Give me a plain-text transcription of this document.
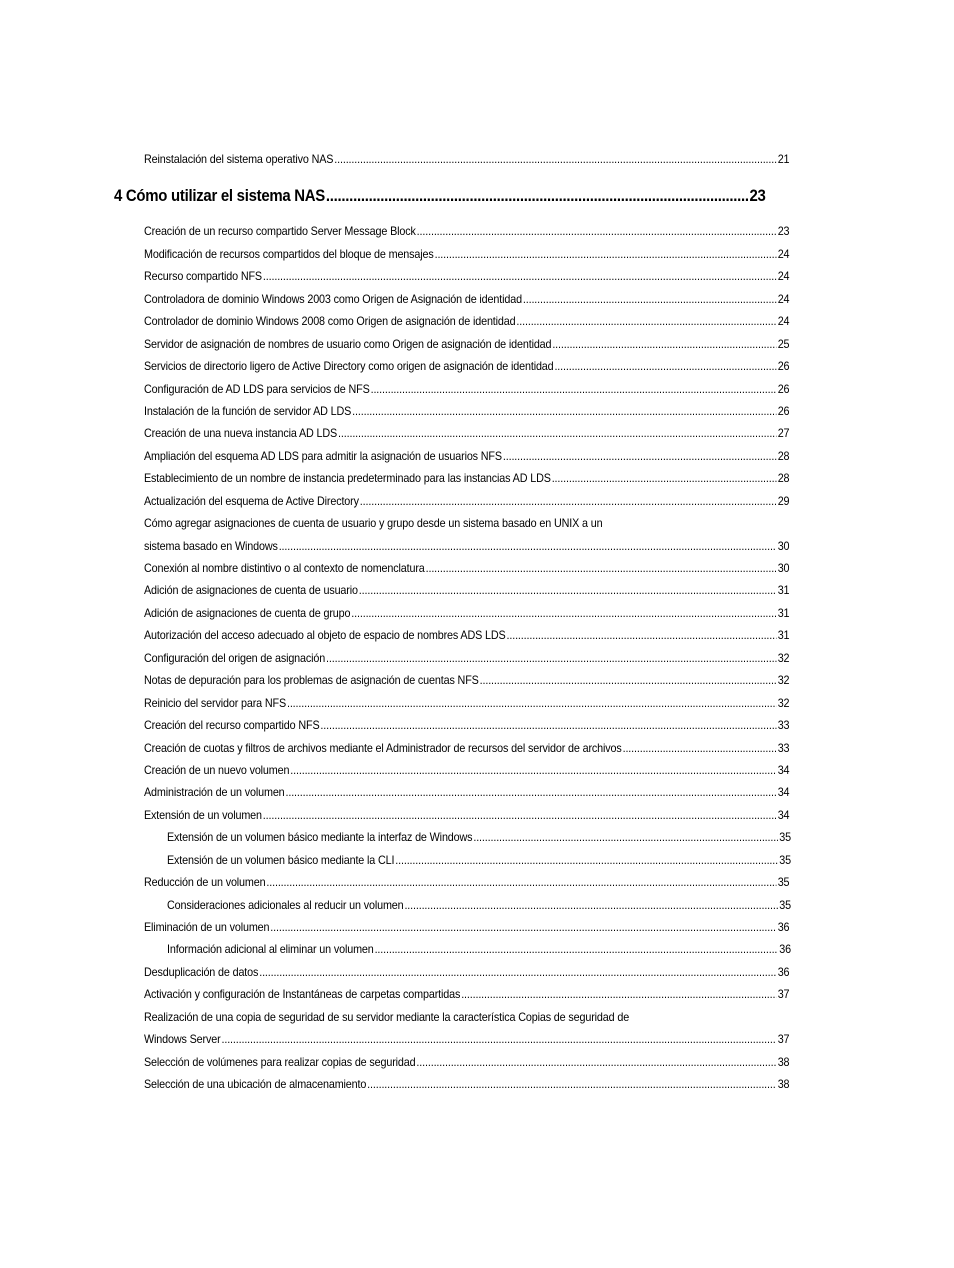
Reinstalación del sistema operativo NAS .....	21
4 Cómo utilizar el sistema NAS .....	23
Creación de un recurso compartido Server Message Block .....	23
Modificación de recursos compartidos del bloque de mensajes .....	24
Recurso compartido NFS .....	24
Controladora de dominio Windows 2003 como Origen de Asignación de identidad .....	24
Controlador de dominio Windows 2008 como Origen de asignación de identidad .....	24
Servidor de asignación de nombres de usuario como Origen de asignación de identidad .....	25
Servicios de directorio ligero de Active Directory como origen de asignación de identidad .....	26
Configuración de AD LDS para servicios de NFS .....	26
Instalación de la función de servidor AD LDS .....	26
Creación de una nueva instancia AD LDS .....	27
Ampliación del esquema AD LDS para admitir la asignación de usuarios NFS .....	28
Establecimiento de un nombre de instancia predeterminado para las instancias AD LDS .....	28
Actualización del esquema de Active Directory .....	29
Cómo agregar asignaciones de cuenta de usuario y grupo desde un sistema basado en UNIX a un
sistema basado en Windows .....	30
Conexión al nombre distintivo o al contexto de nomenclatura .....	30
Adición de asignaciones de cuenta de usuario .....	31
Adición de asignaciones de cuenta de grupo .....	31
Autorización del acceso adecuado al objeto de espacio de nombres ADS LDS .....	31
Configuración del origen de asignación .....	32
Notas de depuración para los problemas de asignación de cuentas NFS .....	32
Reinicio del servidor para NFS .....	32
Creación del recurso compartido NFS .....	33
Creación de cuotas y filtros de archivos mediante el Administrador de recursos del servidor de archivos .....	33
Creación de un nuevo volumen .....	34
Administración de un volumen .....	34
Extensión de un volumen .....	34
Extensión de un volumen básico mediante la interfaz de Windows .....	35
Extensión de un volumen básico mediante la CLI .....	35
Reducción de un volumen .....	35
Consideraciones adicionales al reducir un volumen .....	35
Eliminación de un volumen .....	36
Información adicional al eliminar un volumen .....	36
Desduplicación de datos .....	36
Activación y configuración de Instantáneas de carpetas compartidas .....	37
Realización de una copia de seguridad de su servidor mediante la característica Copias de seguridad de
Windows Server .....	37
Selección de volúmenes para realizar copias de seguridad .....	38
Selección de una ubicación de almacenamiento .....	38
